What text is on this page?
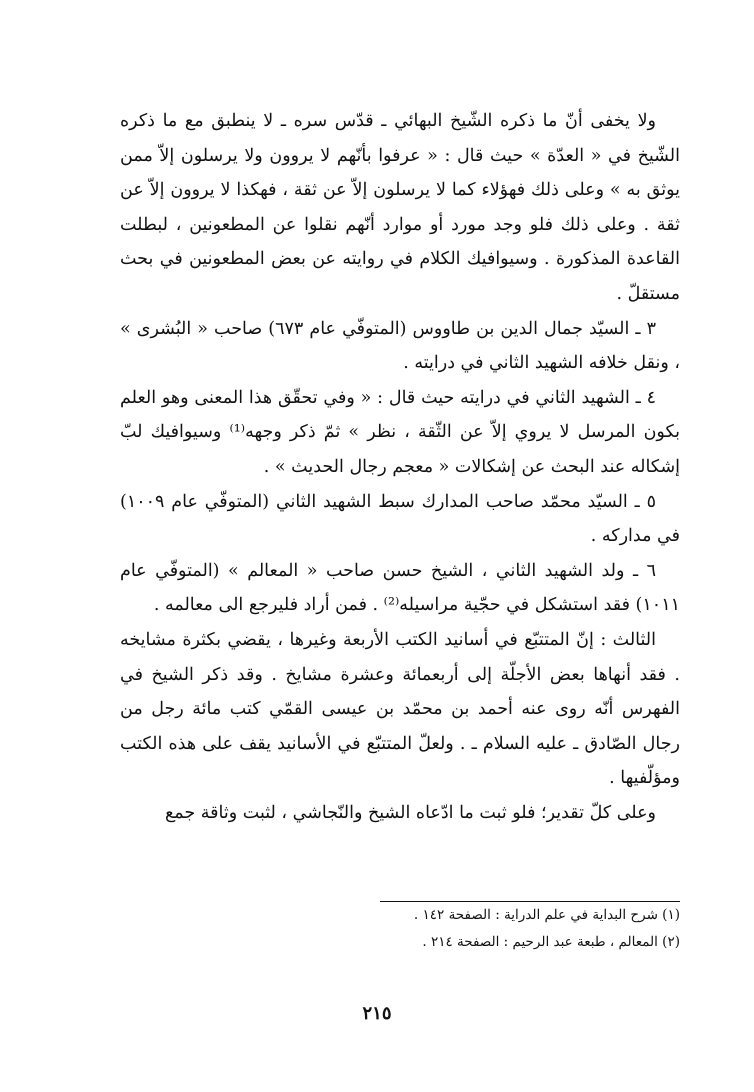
ولا يخفى أنّ ما ذكره الشّيخ البهائي ـ قدّس سره ـ لا ينطبق مع ما ذكره الشّيخ في « العدّة » حيث قال : « عرفوا بأنّهم لا يروون ولا يرسلون إلاّ ممن يوثق به » وعلى ذلك فهؤلاء كما لا يرسلون إلاّ عن ثقة ، فهكذا لا يروون إلاّ عن ثقة . وعلى ذلك فلو وجد مورد أو موارد أنّهم نقلوا عن المطعونين ، لبطلت القاعدة المذكورة . وسيوافيك الكلام في روايته عن بعض المطعونين في بحث مستقلّ .

٣ ـ السيّد جمال الدين بن طاووس (المتوفّي عام ٦٧٣) صاحب « البُشرى » ، ونقل خلافه الشهيد الثاني في درايته .

٤ ـ الشهيد الثاني في درايته حيث قال : « وفي تحقّق هذا المعنى وهو العلم بكون المرسل لا يروي إلاّ عن الثّقة ، نظر » ثمّ ذكر وجهه⁽¹⁾ وسيوافيك لبّ إشكاله عند البحث عن إشكالات « معجم رجال الحديث » .

٥ ـ السيّد محمّد صاحب المدارك سبط الشهيد الثاني (المتوفّي عام ١٠٠٩) في مداركه .

٦ ـ ولد الشهيد الثاني ، الشيخ حسن صاحب « المعالم » (المتوفّي عام ١٠١١) فقد استشكل في حجّية مراسيله⁽²⁾ . فمن أراد فليرجع الى معالمه .

الثالث : إنّ المتتبّع في أسانيد الكتب الأربعة وغيرها ، يقضي بكثرة مشايخه . فقد أنهاها بعض الأجلّة إلى أربعمائة وعشرة مشايخ . وقد ذكر الشيخ في الفهرس أنّه روى عنه أحمد بن محمّد بن عيسى القمّي كتب مائة رجل من رجال الصّادق ـ عليه السلام ـ . ولعلّ المتتبّع في الأسانيد يقف على هذه الكتب ومؤلّفيها .

وعلى كلّ تقدير؛ فلو ثبت ما ادّعاه الشيخ والنّجاشي ، لثبت وثاقة جمع

(١) شرح البداية في علم الدراية : الصفحة ١٤٢ .
(٢) المعالم ، طبعة عبد الرحيم : الصفحة ٢١٤ .
٢١٥
